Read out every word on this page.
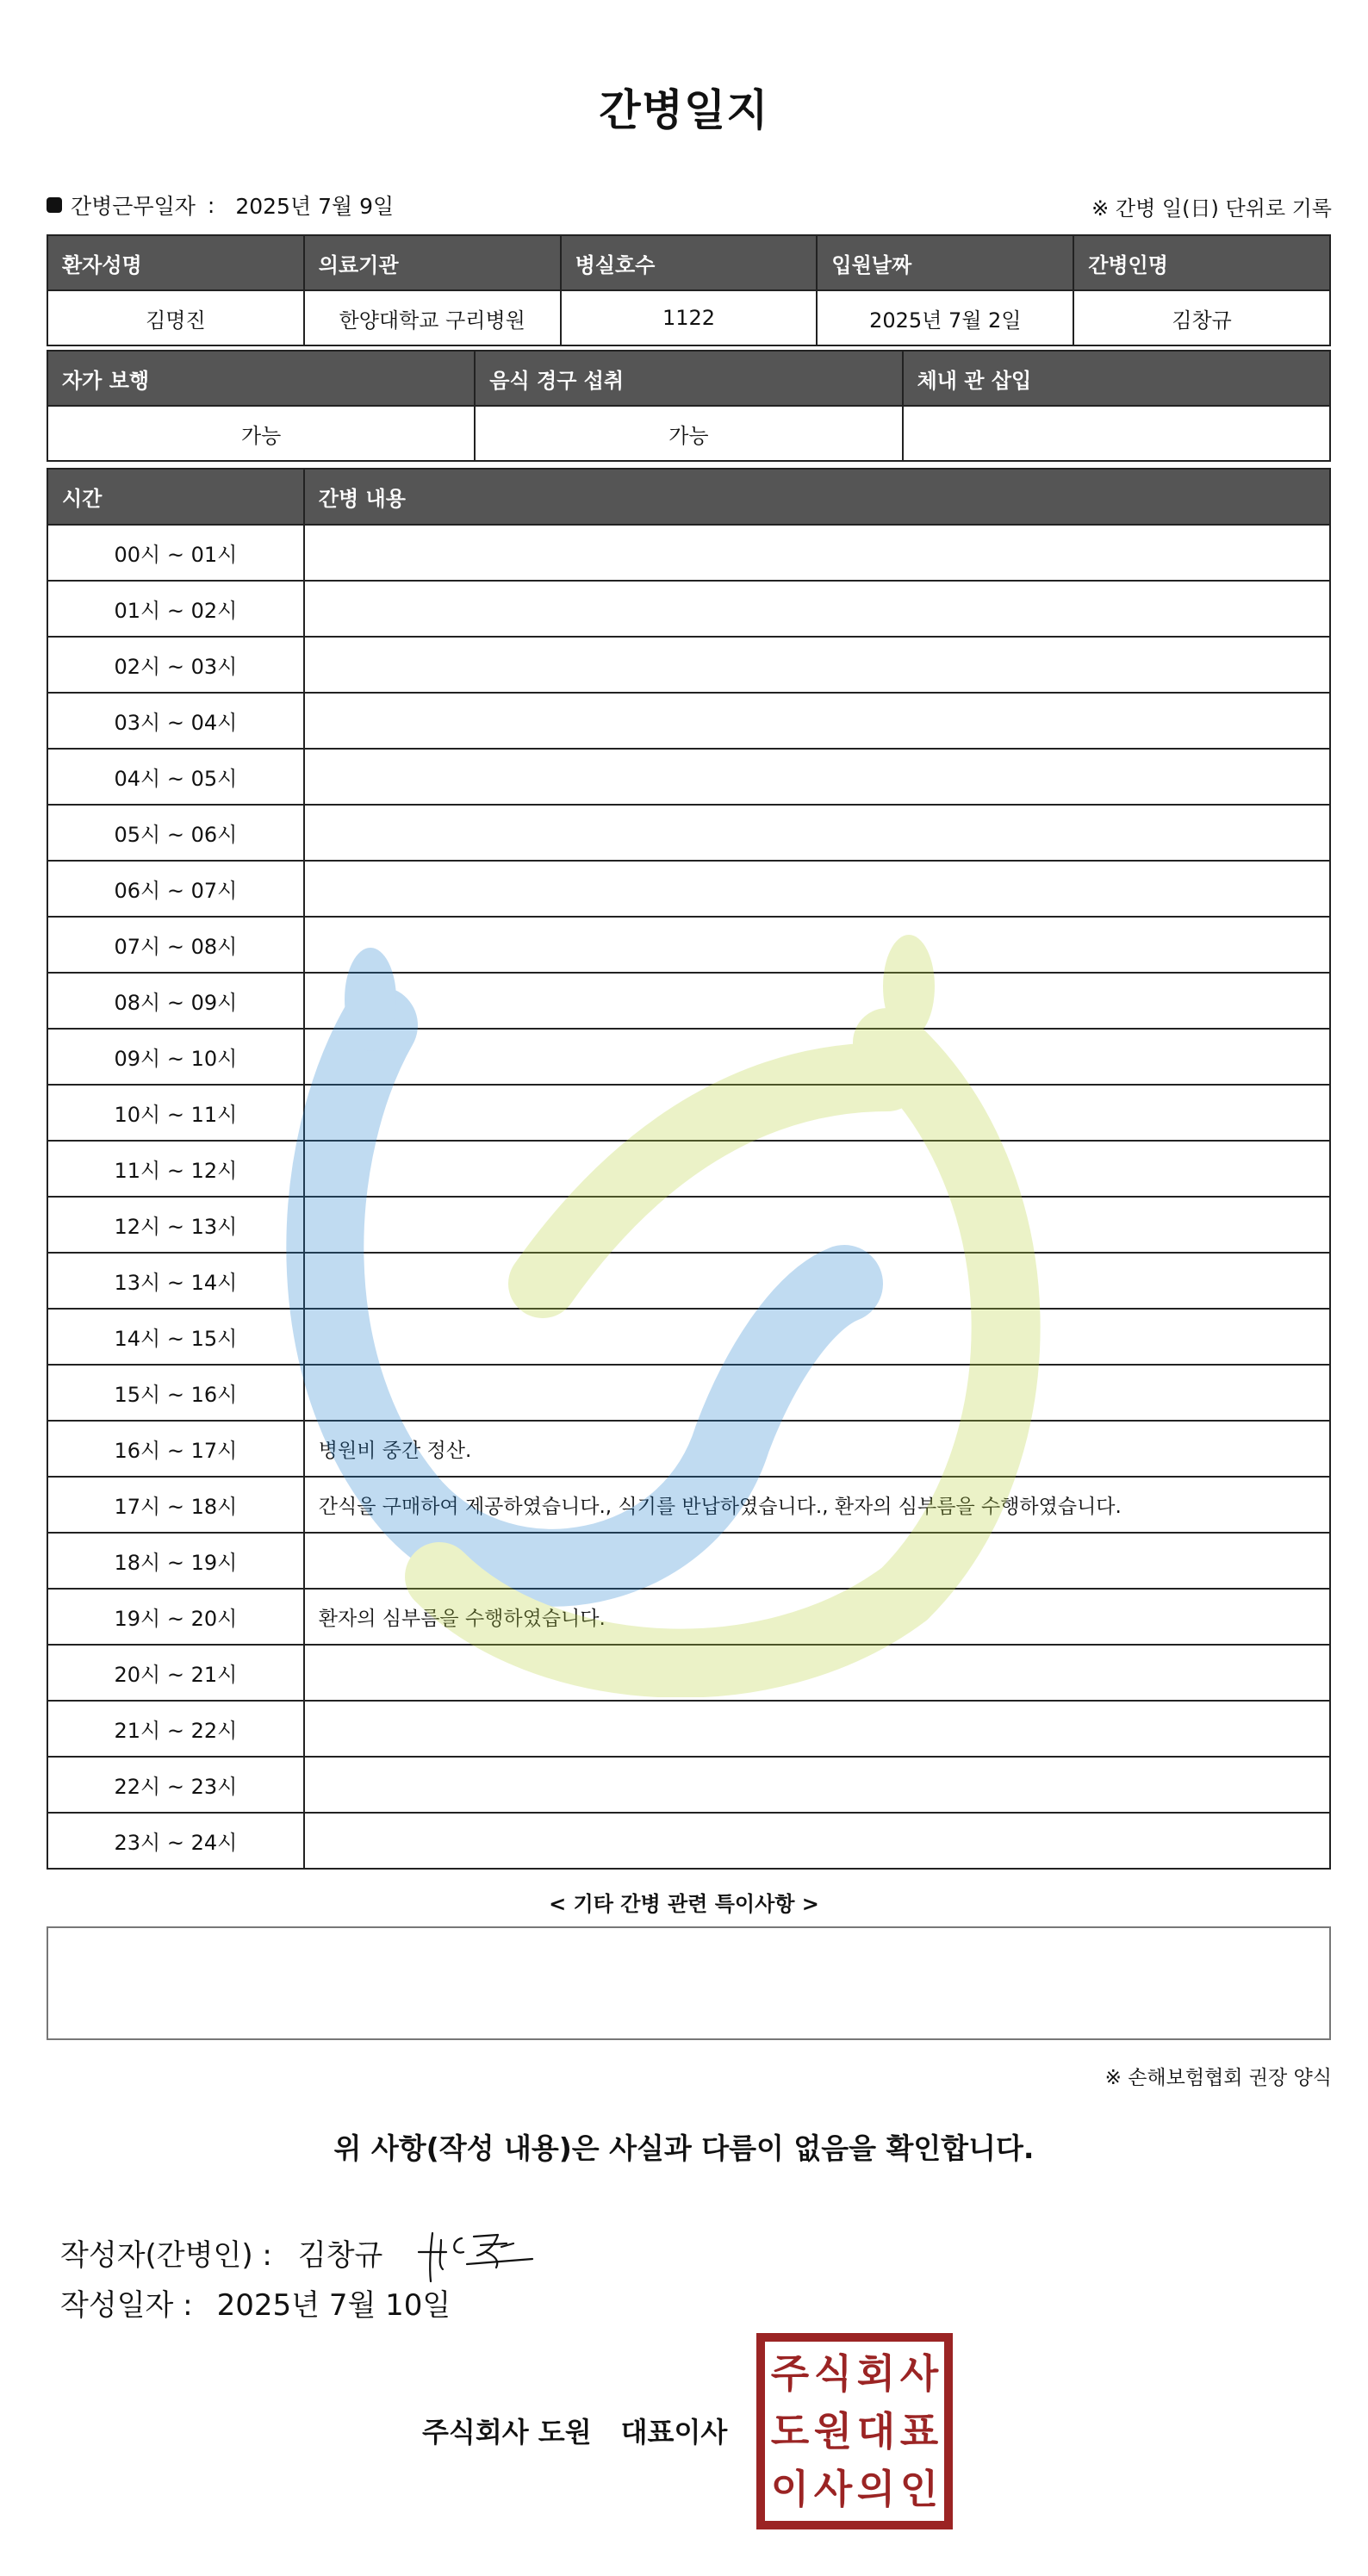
간병일지
간병근무일자 : 2025년 7월 9일	※ 간병 일(日) 단위로 기록
환자성명	의료기관	병실호수	입원날짜	간병인명
김명진	한양대학교 구리병원	1122	2025년 7월 2일	김창규
자가 보행	음식 경구 섭취	체내 관 삽입
가능	가능	
시간	간병 내용
00시 ~ 01시	
01시 ~ 02시	
02시 ~ 03시	
03시 ~ 04시	
04시 ~ 05시	
05시 ~ 06시	
06시 ~ 07시	
07시 ~ 08시	
08시 ~ 09시	
09시 ~ 10시	
10시 ~ 11시	
11시 ~ 12시	
12시 ~ 13시	
13시 ~ 14시	
14시 ~ 15시	
15시 ~ 16시	
16시 ~ 17시	병원비 중간 정산.
17시 ~ 18시	간식을 구매하여 제공하였습니다., 식기를 반납하였습니다., 환자의 심부름을 수행하였습니다.
18시 ~ 19시	
19시 ~ 20시	환자의 심부름을 수행하였습니다.
20시 ~ 21시	
21시 ~ 22시	
22시 ~ 23시	
23시 ~ 24시	
< 기타 간병 관련 특이사항 >
※ 손해보험협회 권장 양식
위 사항(작성 내용)은 사실과 다름이 없음을 확인합니다.
작성자(간병인) : 김창규
작성일자 : 2025년 7월 10일
주식회사 도원 대표이사
주 식 회 사
도 원 대 표
이 사 의 인
